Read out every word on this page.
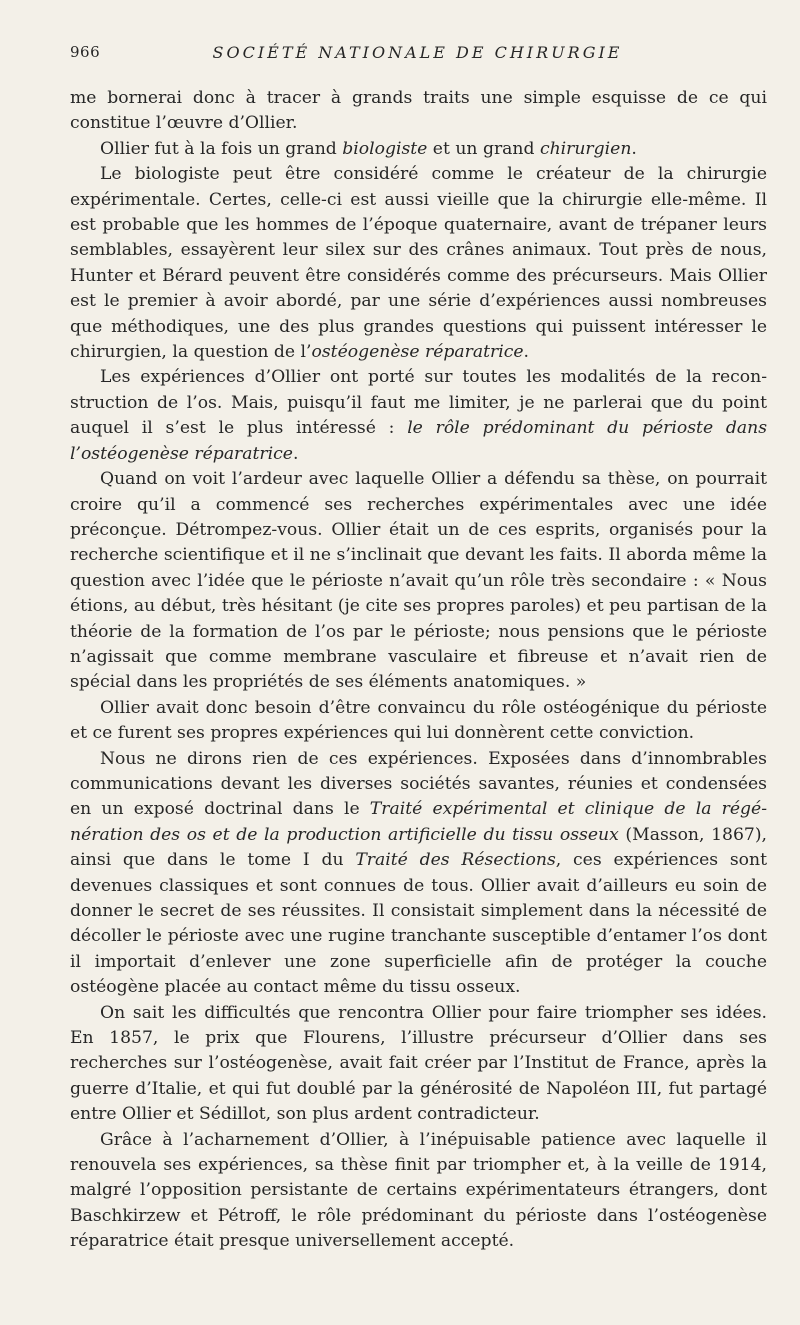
966	SOCIÉTÉ NATIONALE DE CHIRURGIE

me bornerai donc à tracer à grands traits une simple esquisse de ce qui constitue l’œuvre d’Ollier.

Ollier fut à la fois un grand biologiste et un grand chirurgien.

Le biologiste peut être considéré comme le créateur de la chirurgie expérimentale. Certes, celle-ci est aussi vieille que la chirurgie elle-même. Il est probable que les hommes de l’époque quaternaire, avant de trépaner leurs semblables, essayèrent leur silex sur des crânes animaux. Tout près de nous, Hunter et Bérard peuvent être considérés comme des précurseurs. Mais Ollier est le premier à avoir abordé, par une série d’expériences aussi nombreuses que méthodiques, une des plus grandes questions qui puissent intéresser le chirurgien, la question de l’ostéogenèse réparatrice.

Les expériences d’Ollier ont porté sur toutes les modalités de la reconstruction de l’os. Mais, puisqu’il faut me limiter, je ne parlerai que du point auquel il s’est le plus intéressé : le rôle prédominant du périoste dans l’ostéogenèse réparatrice.

Quand on voit l’ardeur avec laquelle Ollier a défendu sa thèse, on pourrait croire qu’il a commencé ses recherches expérimentales avec une idée préconçue. Détrompez-vous. Ollier était un de ces esprits, organisés pour la recherche scientifique et il ne s’inclinait que devant les faits. Il aborda même la question avec l’idée que le périoste n’avait qu’un rôle très secondaire : « Nous étions, au début, très hésitant (je cite ses propres paroles) et peu partisan de la théorie de la formation de l’os par le périoste; nous pensions que le périoste n’agissait que comme membrane vasculaire et fibreuse et n’avait rien de spécial dans les propriétés de ses éléments anatomiques. »

Ollier avait donc besoin d’être convaincu du rôle ostéogénique du périoste et ce furent ses propres expériences qui lui donnèrent cette conviction.

Nous ne dirons rien de ces expériences. Exposées dans d’innombrables communications devant les diverses sociétés savantes, réunies et condensées en un exposé doctrinal dans le Traité expérimental et clinique de la régénération des os et de la production artificielle du tissu osseux (Masson, 1867), ainsi que dans le tome I du Traité des Résections, ces expériences sont devenues classiques et sont connues de tous. Ollier avait d’ailleurs eu soin de donner le secret de ses réussites. Il consistait simplement dans la nécessité de décoller le périoste avec une rugine tranchante susceptible d’entamer l’os dont il importait d’enlever une zone superficielle afin de protéger la couche ostéogène placée au contact même du tissu osseux.

On sait les difficultés que rencontra Ollier pour faire triompher ses idées. En 1857, le prix que Flourens, l’illustre précurseur d’Ollier dans ses recherches sur l’ostéogenèse, avait fait créer par l’Institut de France, après la guerre d’Italie, et qui fut doublé par la générosité de Napoléon III, fut partagé entre Ollier et Sédillot, son plus ardent contradicteur.

Grâce à l’acharnement d’Ollier, à l’inépuisable patience avec laquelle il renouvela ses expériences, sa thèse finit par triompher et, à la veille de 1914, malgré l’opposition persistante de certains expérimentateurs étrangers, dont Baschkirzew et Pétroff, le rôle prédominant du périoste dans l’ostéogenèse réparatrice était presque universellement accepté.
